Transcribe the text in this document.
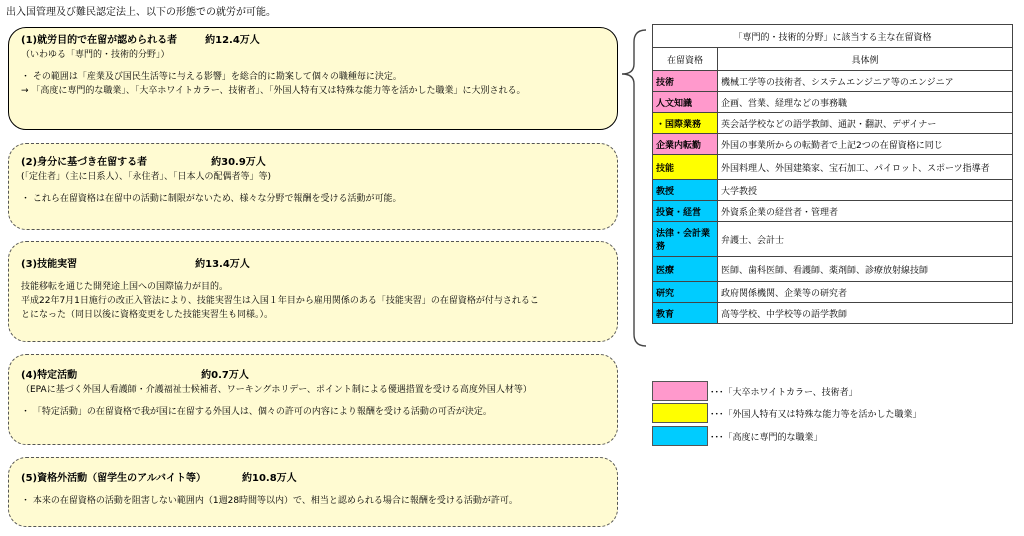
出入国管理及び難民認定法上、以下の形態での就労が可能。
(1)就労目的で在留が認められる者	約12.4万人
（いわゆる「専門的・技術的分野」）
・ その範囲は「産業及び国民生活等に与える影響」を総合的に勘案して個々の職種毎に決定。
→ 「高度に専門的な職業」、「大卒ホワイトカラー、技術者」、「外国人特有又は特殊な能力等を活かした職業」に大別される。
(2)身分に基づき在留する者	約30.9万人
(「定住者」（主に日系人）、「永住者」、「日本人の配偶者等」等)
・ これら在留資格は在留中の活動に制限がないため、様々な分野で報酬を受ける活動が可能。
(3)技能実習	約13.4万人
技能移転を通じた開発途上国への国際協力が目的。
平成22年7月1日施行の改正入管法により、技能実習生は入国１年目から雇用関係のある「技能実習」の在留資格が付与されるこ
とになった（同日以後に資格変更をした技能実習生も同様。）。
(4)特定活動	約0.7万人
（EPAに基づく外国人看護師・介護福祉士候補者、ワーキングホリデー、ポイント制による優遇措置を受ける高度外国人材等）
・ 「特定活動」の在留資格で我が国に在留する外国人は、個々の許可の内容により報酬を受ける活動の可否が決定。
(5)資格外活動（留学生のアルバイト等）	約10.8万人
・ 本来の在留資格の活動を阻害しない範囲内（1週28時間等以内）で、相当と認められる場合に報酬を受ける活動が許可。
「専門的・技術的分野」に該当する主な在留資格	
在留資格	具体例
技術	機械工学等の技術者、システムエンジニア等のエンジニア
人文知識	企画、営業、経理などの事務職
・国際業務	英会話学校などの語学教師、通訳・翻訳、デザイナー
企業内転勤	外国の事業所からの転勤者で上記2つの在留資格に同じ
技能	外国料理人、外国建築家、宝石加工、パイロット、スポーツ指導者
教授	大学教授
投資・経営	外資系企業の経営者・管理者
法律・会計業務	弁護士、会計士
医療	医師、歯科医師、看護師、薬剤師、診療放射線技師
研究	政府関係機関、企業等の研究者
教育	高等学校、中学校等の語学教師
･･･「大卒ホワイトカラー、技術者」
･･･「外国人特有又は特殊な能力等を活かした職業」
･･･「高度に専門的な職業」
